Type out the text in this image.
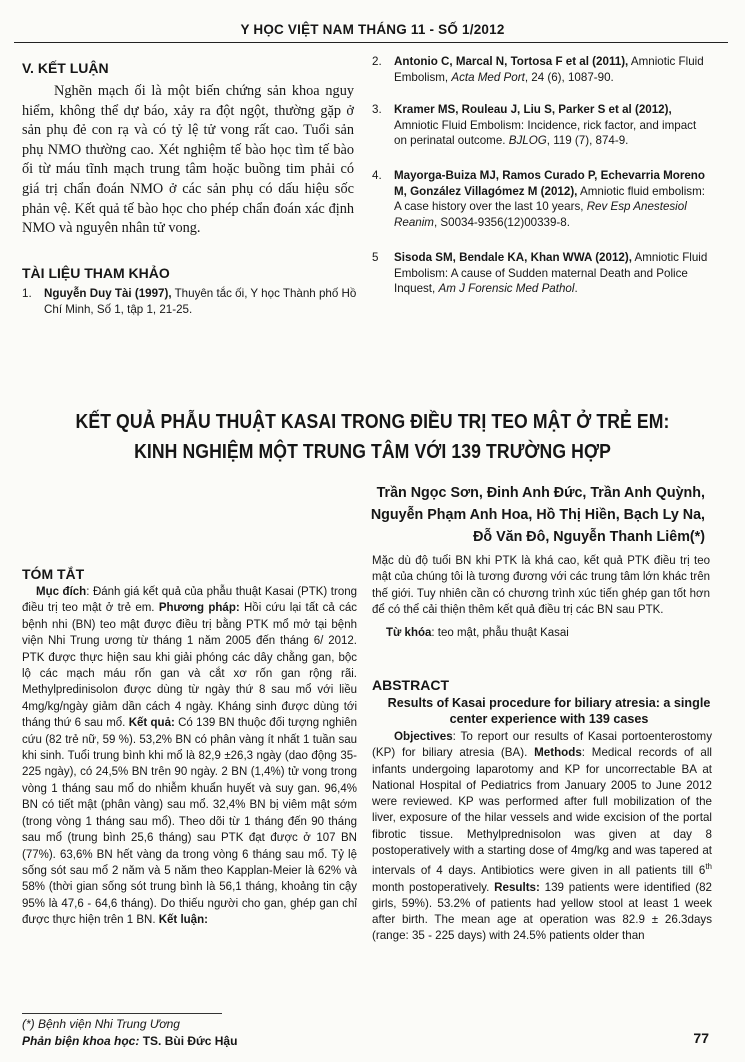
Y HỌC VIỆT NAM THÁNG 11 - SỐ 1/2012
V. KẾT LUẬN
Nghẽn mạch ối là một biến chứng sản khoa nguy hiểm, không thể dự báo, xảy ra đột ngột, thường gặp ở sản phụ đẻ con rạ và có tỷ lệ tử vong rất cao. Tuổi sản phụ NMO thường cao. Xét nghiệm tế bào học tìm tế bào ối từ máu tĩnh mạch trung tâm hoặc buồng tim phải có giá trị chẩn đoán NMO ở các sản phụ có dấu hiệu sốc phản vệ. Kết quả tế bào học cho phép chẩn đoán xác định NMO và nguyên nhân tử vong.
TÀI LIỆU THAM KHẢO
1. Nguyễn Duy Tài (1997), Thuyên tắc ối, Y học Thành phố Hồ Chí Minh, Số 1, tập 1, 21-25.
2. Antonio C, Marcal N, Tortosa F et al (2011), Amniotic Fluid Embolism, Acta Med Port, 24 (6), 1087-90.
3. Kramer MS, Rouleau J, Liu S, Parker S et al (2012), Amniotic Fluid Embolism: Incidence, rick factor, and impact on perinatal outcome. BJLOG, 119 (7), 874-9.
4. Mayorga-Buiza MJ, Ramos Curado P, Echevarria Moreno M, González Villagómez M (2012), Amniotic fluid embolism: A case history over the last 10 years, Rev Esp Anestesiol Reanim, S0034-9356(12)00339-8.
5 Sisoda SM, Bendale KA, Khan WWA (2012), Amniotic Fluid Embolism: A cause of Sudden maternal Death and Police Inquest, Am J Forensic Med Pathol.
KẾT QUẢ PHẪU THUẬT KASAI TRONG ĐIỀU TRỊ TEO MẬT Ở TRẺ EM:
KINH NGHIỆM MỘT TRUNG TÂM VỚI 139 TRƯỜNG HỢP
Trần Ngọc Sơn, Đinh Anh Đức, Trần Anh Quỳnh,
Nguyễn Phạm Anh Hoa, Hồ Thị Hiền, Bạch Ly Na,
Đỗ Văn Đô, Nguyễn Thanh Liêm(*)
TÓM TẮT
Mục đích: Đánh giá kết quả của phẫu thuật Kasai (PTK) trong điều trị teo mật ở trẻ em. Phương pháp: Hồi cứu lại tất cả các bệnh nhi (BN) teo mật được điều trị bằng PTK mổ mở tại bệnh viện Nhi Trung ương từ tháng 1 năm 2005 đến tháng 6/ 2012. PTK được thực hiện sau khi giải phóng các dây chằng gan, bộc lộ các mạch máu rốn gan và cắt xơ rốn gan rộng rãi. Methylpredinisolon được dùng từ ngày thứ 8 sau mổ với liều 4mg/kg/ngày giảm dần cách 4 ngày. Kháng sinh được dùng tới tháng thứ 6 sau mổ. Kết quả: Có 139 BN thuộc đối tượng nghiên cứu (82 trẻ nữ, 59 %). 53,2% BN có phân vàng ít nhất 1 tuần sau khi sinh. Tuổi trung bình khi mổ là 82,9 ±26,3 ngày (dao động 35-225 ngày), có 24,5% BN trên 90 ngày. 2 BN (1,4%) tử vong trong vòng 1 tháng sau mổ do nhiễm khuẩn huyết và suy gan. 96,4% BN có tiết mật (phân vàng) sau mổ. 32,4% BN bị viêm mật sớm (trong vòng 1 tháng sau mổ). Theo dõi từ 1 tháng đến 90 tháng sau mổ (trung bình 25,6 tháng) sau PTK đạt được ở 107 BN (77%). 63,6% BN hết vàng da trong vòng 6 tháng sau mổ. Tỷ lệ sống sót sau mổ 2 năm và 5 năm theo Kapplan-Meier là 62% và 58% (thời gian sống sót trung bình là 56,1 tháng, khoảng tin cậy 95% là 47,6 - 64,6 tháng). Do thiếu người cho gan, ghép gan chỉ được thực hiện trên 1 BN. Kết luận:
Mặc dù độ tuổi BN khi PTK là khá cao, kết quả PTK điều trị teo mật của chúng tôi là tương đương với các trung tâm lớn khác trên thế giới. Tuy nhiên cần có chương trình xúc tiến ghép gan tốt hơn để có thể cải thiện thêm kết quả điều trị các BN sau PTK.
Từ khóa: teo mật, phẫu thuật Kasai
ABSTRACT
Results of Kasai procedure for biliary atresia: a single center experience with 139 cases
Objectives: To report our results of Kasai portoenterostomy (KP) for biliary atresia (BA). Methods: Medical records of all infants undergoing laparotomy and KP for uncorrectable BA at National Hospital of Pediatrics from January 2005 to June 2012 were reviewed. KP was performed after full mobilization of the liver, exposure of the hilar vessels and wide excision of the portal fibrotic tissue. Methylprednisolon was given at day 8 postoperatively with a starting dose of 4mg/kg and was tapered at intervals of 4 days. Antibiotics were given in all patients till 6th month postoperatively. Results: 139 patients were identified (82 girls, 59%). 53.2% of patients had yellow stool at least 1 week after birth. The mean age at operation was 82.9 ± 26.3days (range: 35 - 225 days) with 24.5% patients older than
(*) Bệnh viện Nhi Trung Ương
Phản biện khoa học: TS. Bùi Đức Hậu	77
